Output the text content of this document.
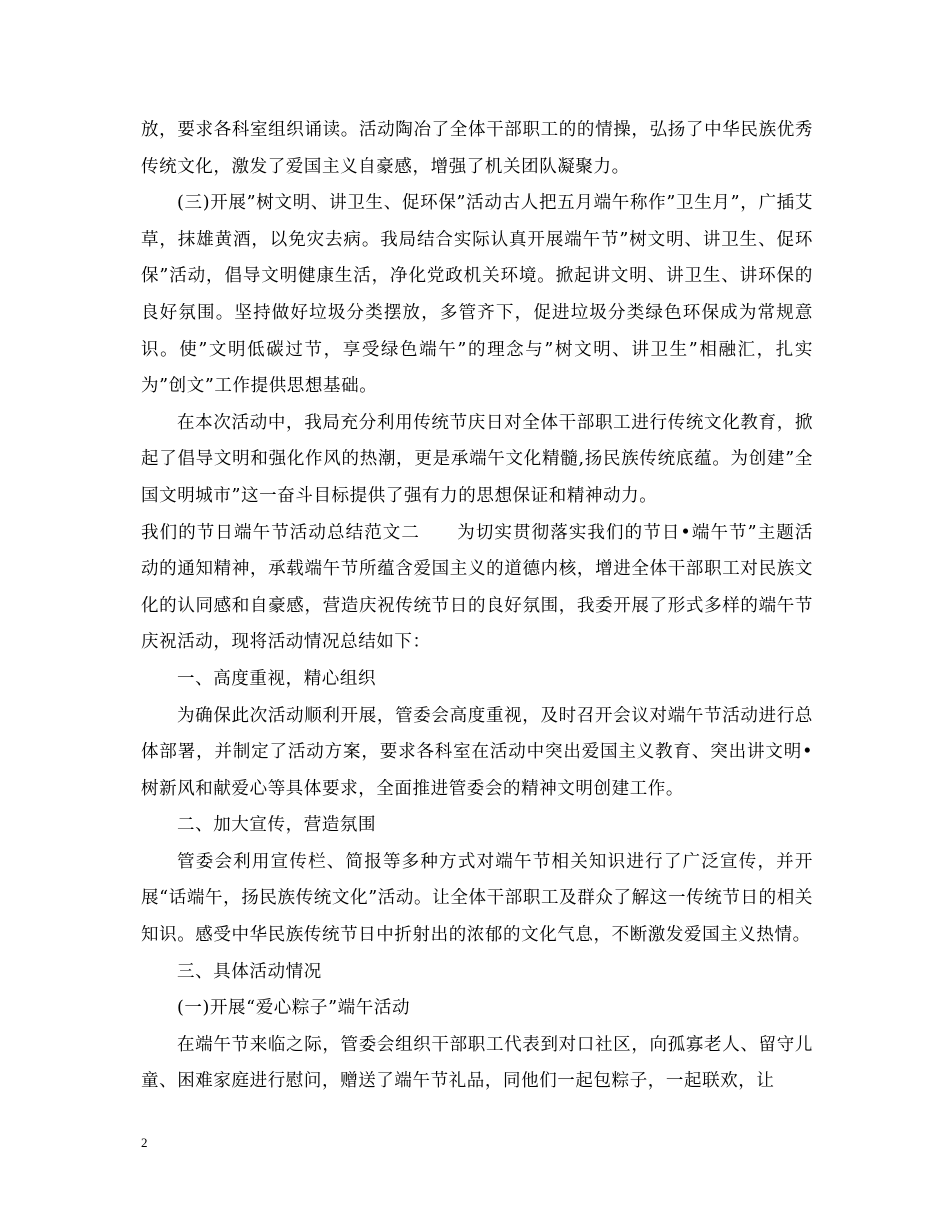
放，要求各科室组织诵读。活动陶冶了全体干部职工的的情操，弘扬了中华民族优秀传统文化，激发了爱国主义自豪感，增强了机关团队凝聚力。

(三)开展”树文明、讲卫生、促环保”活动古人把五月端午称作”卫生月”，广插艾草，抹雄黄酒，以免灾去病。我局结合实际认真开展端午节”树文明、讲卫生、促环保”活动，倡导文明健康生活，净化党政机关环境。掀起讲文明、讲卫生、讲环保的良好氛围。坚持做好垃圾分类摆放，多管齐下，促进垃圾分类绿色环保成为常规意识。使”文明低碳过节，享受绿色端午”的理念与”树文明、讲卫生”相融汇，扎实为”创文”工作提供思想基础。

在本次活动中，我局充分利用传统节庆日对全体干部职工进行传统文化教育，掀起了倡导文明和强化作风的热潮，更是承端午文化精髓,扬民族传统底蕴。为创建”全国文明城市”这一奋斗目标提供了强有力的思想保证和精神动力。

我们的节日端午节活动总结范文二　　为切实贯彻落实我们的节日•端午节”主题活动的通知精神，承载端午节所蕴含爱国主义的道德内核，增进全体干部职工对民族文化的认同感和自豪感，营造庆祝传统节日的良好氛围，我委开展了形式多样的端午节庆祝活动，现将活动情况总结如下：

一、高度重视，精心组织

为确保此次活动顺利开展，管委会高度重视，及时召开会议对端午节活动进行总体部署，并制定了活动方案，要求各科室在活动中突出爱国主义教育、突出讲文明•树新风和献爱心等具体要求，全面推进管委会的精神文明创建工作。

二、加大宣传，营造氛围

管委会利用宣传栏、简报等多种方式对端午节相关知识进行了广泛宣传，并开展“话端午，扬民族传统文化”活动。让全体干部职工及群众了解这一传统节日的相关知识。感受中华民族传统节日中折射出的浓郁的文化气息，不断激发爱国主义热情。

三、具体活动情况

(一)开展“爱心粽子”端午活动

在端午节来临之际，管委会组织干部职工代表到对口社区，向孤寡老人、留守儿童、困难家庭进行慰问，赠送了端午节礼品，同他们一起包粽子，一起联欢，让

2
